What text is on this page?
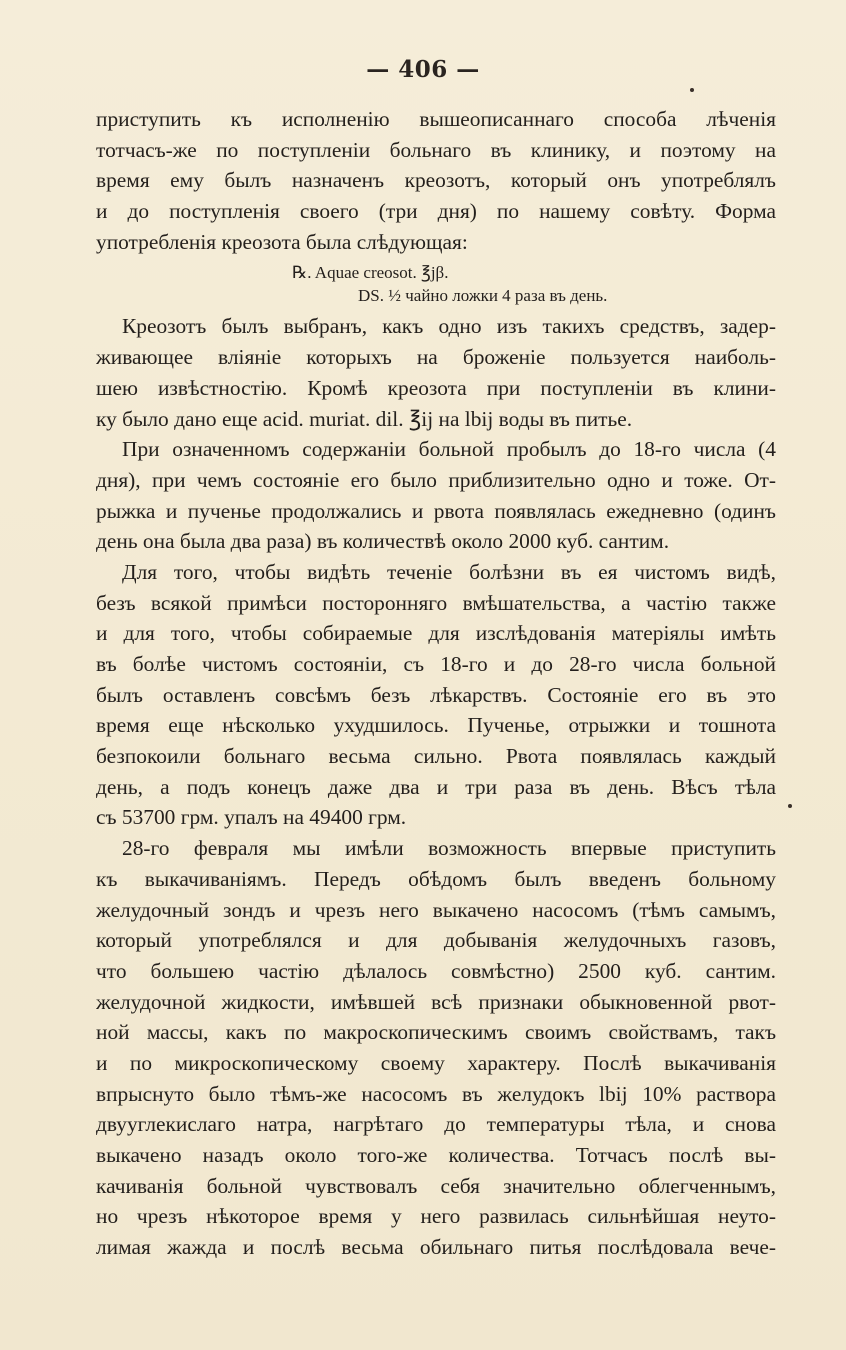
— 406 —
приступить къ исполненію вышеописаннаго способа лѣченія
тотчасъ-же по поступленіи больнаго въ клинику, и поэтому на
время ему былъ назначенъ креозотъ, который онъ употреблялъ
и до поступленія своего (три дня) по нашему совѣту. Форма
употребленія креозота была слѣдующая:
℞. Aquae creosot. ℥jβ.
DS. ½ чайно ложки 4 раза въ день.
Креозотъ былъ выбранъ, какъ одно изъ такихъ средствъ, задер-
живающее вліяніе которыхъ на броженіе пользуется наиболь-
шею извѣстностію. Кромѣ креозота при поступленіи въ клини-
ку было дано еще acid. muriat. dil. ℥ij на lbij воды въ питье.
При означенномъ содержаніи больной пробылъ до 18-го числа (4
дня), при чемъ состояніе его было приблизительно одно и тоже. От-
рыжка и пученье продолжались и рвота появлялась ежедневно (одинъ
день она была два раза) въ количествѣ около 2000 куб. сантим.
Для того, чтобы видѣть теченіе болѣзни въ ея чистомъ видѣ,
безъ всякой примѣси посторонняго вмѣшательства, а частію также
и для того, чтобы собираемые для изслѣдованія матеріялы имѣть
въ болѣе чистомъ состояніи, съ 18-го и до 28-го числа больной
былъ оставленъ совсѣмъ безъ лѣкарствъ. Состояніе его въ это
время еще нѣсколько ухудшилось. Пученье, отрыжки и тошнота
безпокоили больнаго весьма сильно. Рвота появлялась каждый
день, а подъ конецъ даже два и три раза въ день. Вѣсъ тѣла
съ 53700 грм. упалъ на 49400 грм.
28-го февраля мы имѣли возможность впервые приступить
къ выкачиваніямъ. Передъ обѣдомъ былъ введенъ больному
желудочный зондъ и чрезъ него выкачено насосомъ (тѣмъ самымъ,
который употреблялся и для добыванія желудочныхъ газовъ,
что большею частію дѣлалось совмѣстно) 2500 куб. сантим.
желудочной жидкости, имѣвшей всѣ признаки обыкновенной рвот-
ной массы, какъ по макроскопическимъ своимъ свойствамъ, такъ
и по микроскопическому своему характеру. Послѣ выкачиванія
впрыснуто было тѣмъ-же насосомъ въ желудокъ lbij 10% раствора
двууглекислаго натра, нагрѣтаго до температуры тѣла, и снова
выкачено назадъ около того-же количества. Тотчасъ послѣ вы-
качиванія больной чувствовалъ себя значительно облегченнымъ,
но чрезъ нѣкоторое время у него развилась сильнѣйшая неуто-
лимая жажда и послѣ весьма обильнаго питья послѣдовала вече-
